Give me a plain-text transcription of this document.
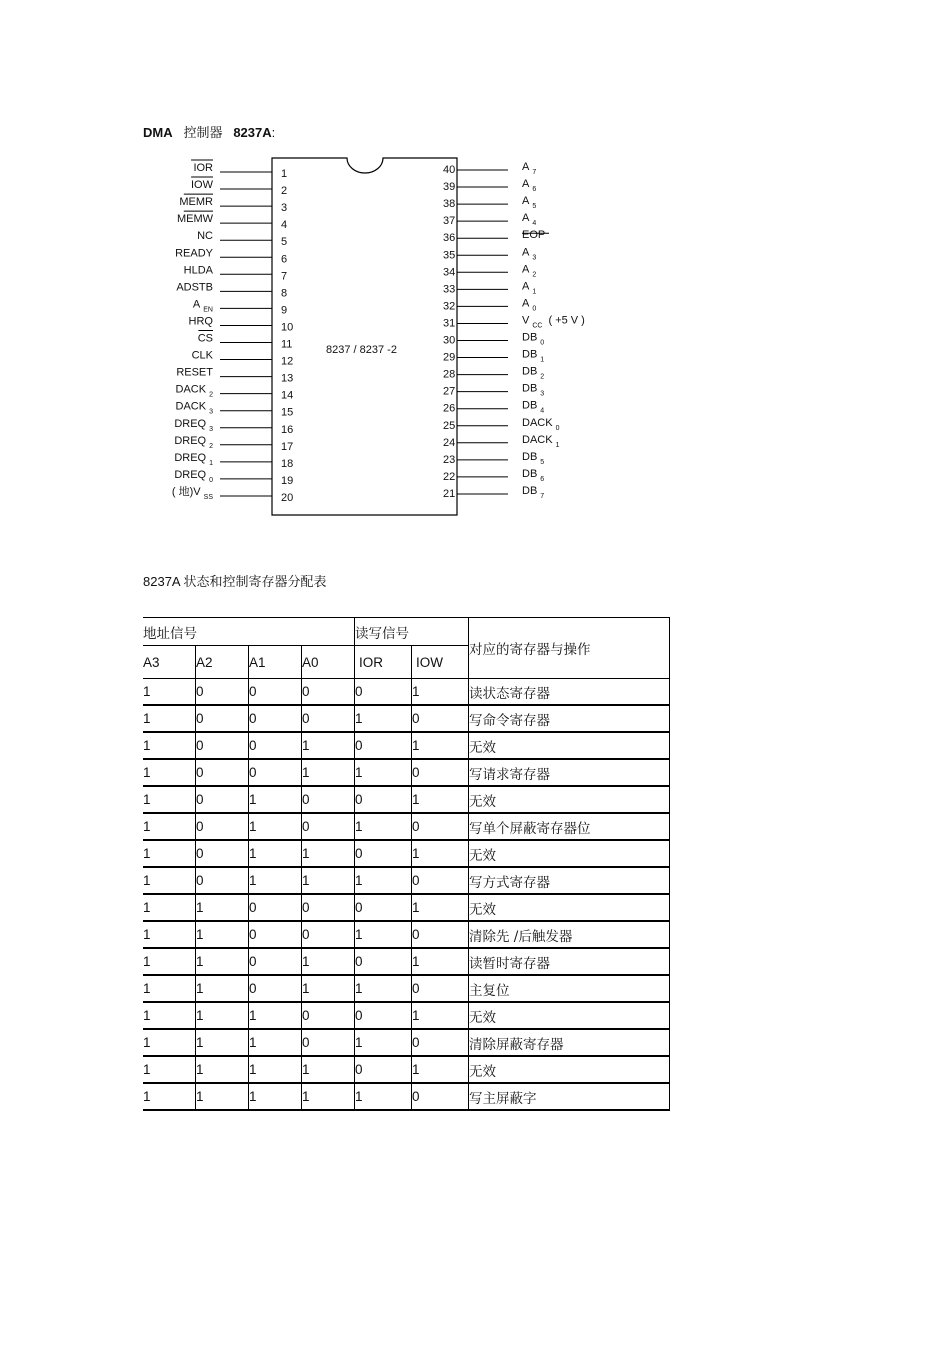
DMA 控制器 8237A:
8237 / 8237 -2
1
IOR
2
IOW
3
MEMR
4
MEMW
5
NC
6
READY
7
HLDA
8
ADSTB
9
A $_{EN}$
10
HRQ
11
CS
12
CLK
13
RESET
14
DACK $_2$
15
DACK $_3$
16
DREQ $_3$
17
DREQ $_2$
18
DREQ $_1$
19
DREQ $_0$
20
( 地)V $_{SS}$
40	A $_7$
39	A $_6$
38	A $_5$
37	A $_4$
36	EOP
35	A $_3$
34	A $_2$
33	A $_1$
32	A $_0$
31	V $_{CC}$ ( +5 V )
30	DB $_0$
29	DB $_1$
28	DB $_2$
27	DB $_3$
26	DB $_4$
25	DACK $_0$
24	DACK $_1$
23	DB $_5$
22	DB $_6$
21	DB $_7$
8237A 状态和控制寄存器分配表
地址信号				读写信号		对应的寄存器与操作
A3	A2	A1	A0	IOR	IOW	
1	0	0	0	0	1	读状态寄存器
1	0	0	0	1	0	写命令寄存器
1	0	0	1	0	1	无效
1	0	0	1	1	0	写请求寄存器
1	0	1	0	0	1	无效
1	0	1	0	1	0	写单个屏蔽寄存器位
1	0	1	1	0	1	无效
1	0	1	1	1	0	写方式寄存器
1	1	0	0	0	1	无效
1	1	0	0	1	0	清除先 /后触发器
1	1	0	1	0	1	读暂时寄存器
1	1	0	1	1	0	主复位
1	1	1	0	0	1	无效
1	1	1	0	1	0	清除屏蔽寄存器
1	1	1	1	0	1	无效
1	1	1	1	1	0	写主屏蔽字
